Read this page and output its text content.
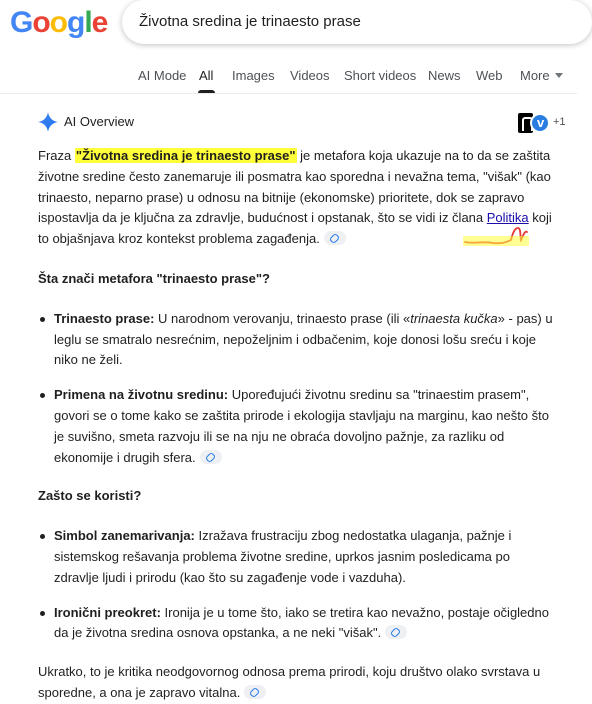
Google Životna sredina je trinaesto prase
AI Mode All Images Videos Short videos News Web More
AI Overview
v	+1

Fraza "Životna sredina je trinaesto prase" je metafora koja ukazuje na to da se zaštita životne sredine često zanemaruje ili posmatra kao sporedna i nevažna tema, "višak" (kao trinaesto, neparno prase) u odnosu na bitnije (ekonomske) prioritete, dok se zapravo ispostavlja da je ključna za zdravlje, budućnost i opstanak, što se vidi iz člana Politika koji to objašnjava kroz kontekst problema zagađenja.

Šta znači metafora "trinaesto prase"?

Trinaesto prase: U narodnom verovanju, trinaesto prase (ili «trinaesta kučka» - pas) u leglu se smatralo nesrećnim, nepoželjnim i odbačenim, koje donosi lošu sreću i koje niko ne želi.
Primena na životnu sredinu: Upoređujući životnu sredinu sa "trinaestim prasem", govori se o tome kako se zaštita prirode i ekologija stavljaju na marginu, kao nešto što je suvišno, smeta razvoju ili se na nju ne obraća dovoljno pažnje, za razliku od ekonomije i drugih sfera.

Zašto se koristi?

Simbol zanemarivanja: Izražava frustraciju zbog nedostatka ulaganja, pažnje i sistemskog rešavanja problema životne sredine, uprkos jasnim posledicama po zdravlje ljudi i prirodu (kao što su zagađenje vode i vazduha).
Ironični preokret: Ironija je u tome što, iako se tretira kao nevažno, postaje očigledno da je životna sredina osnova opstanka, a ne neki "višak".

Ukratko, to je kritika neodgovornog odnosa prema prirodi, koju društvo olako svrstava u sporedne, a ona je zapravo vitalna.
